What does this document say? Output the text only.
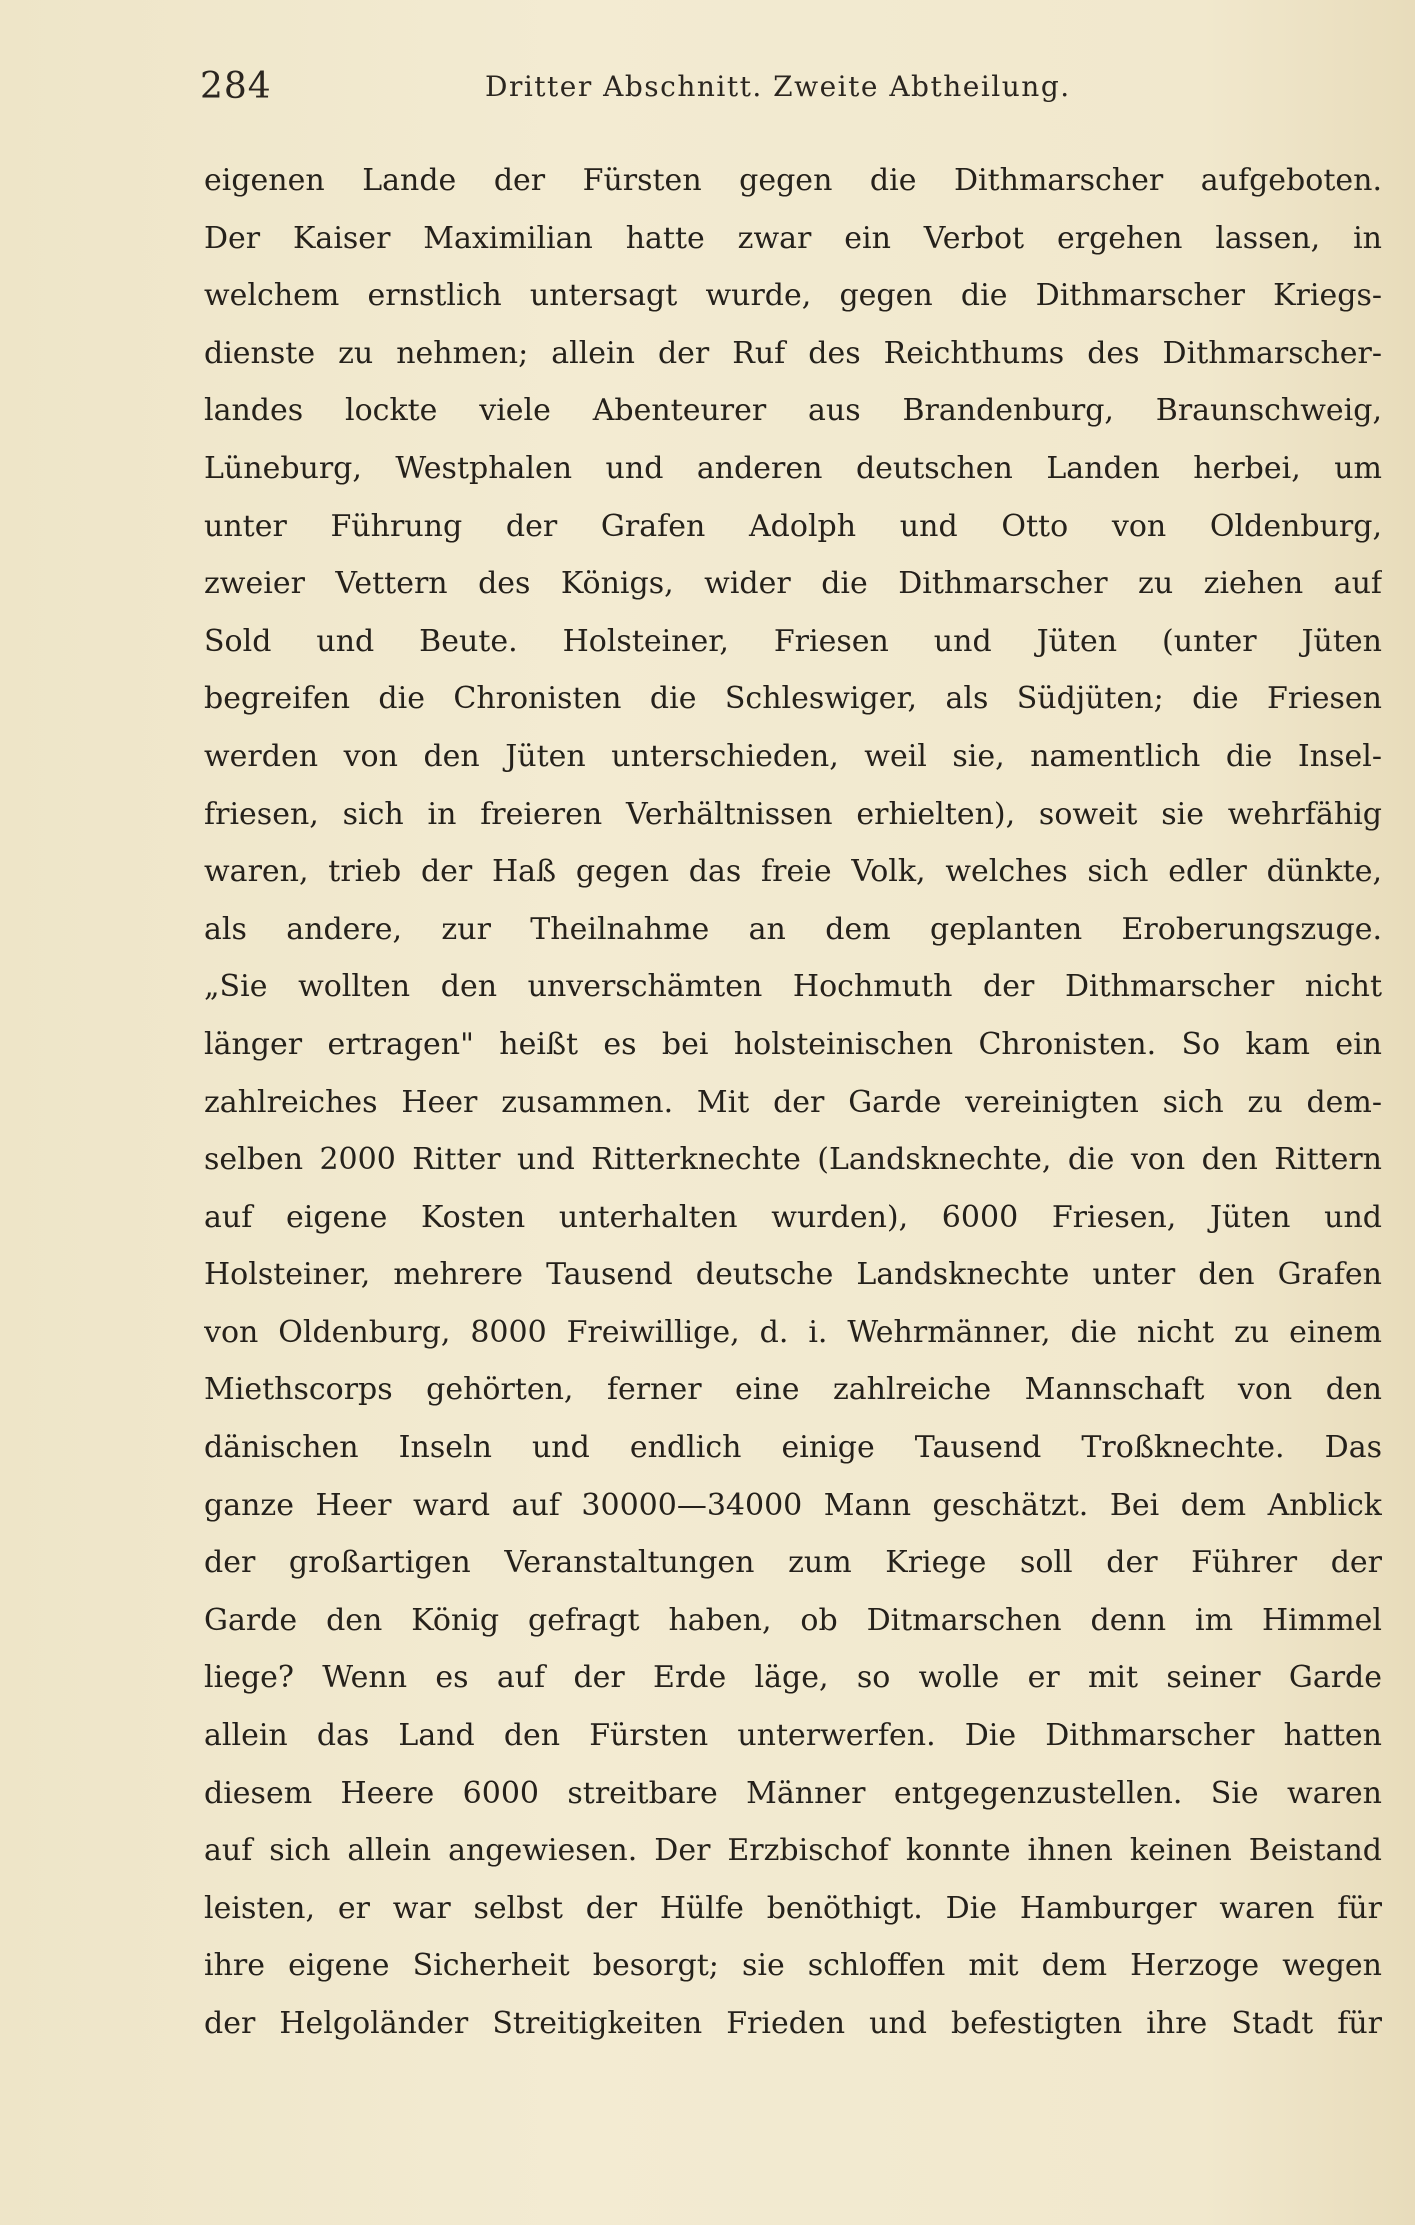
284	Dritter Abschnitt. Zweite Abtheilung.
eigenen Lande der Fürsten gegen die Dithmarscher aufgeboten.
Der Kaiser Maximilian hatte zwar ein Verbot ergehen lassen, in
welchem ernstlich untersagt wurde, gegen die Dithmarscher Kriegs-
dienste zu nehmen; allein der Ruf des Reichthums des Dithmarscher-
landes lockte viele Abenteurer aus Brandenburg, Braunschweig,
Lüneburg, Westphalen und anderen deutschen Landen herbei, um
unter Führung der Grafen Adolph und Otto von Oldenburg,
zweier Vettern des Königs, wider die Dithmarscher zu ziehen auf
Sold und Beute. Holsteiner, Friesen und Jüten (unter Jüten
begreifen die Chronisten die Schleswiger, als Südjüten; die Friesen
werden von den Jüten unterschieden, weil sie, namentlich die Insel-
friesen, sich in freieren Verhältnissen erhielten), soweit sie wehrfähig
waren, trieb der Haß gegen das freie Volk, welches sich edler dünkte,
als andere, zur Theilnahme an dem geplanten Eroberungszuge.
„Sie wollten den unverschämten Hochmuth der Dithmarscher nicht
länger ertragen" heißt es bei holsteinischen Chronisten. So kam ein
zahlreiches Heer zusammen. Mit der Garde vereinigten sich zu dem-
selben 2000 Ritter und Ritterknechte (Landsknechte, die von den Rittern
auf eigene Kosten unterhalten wurden), 6000 Friesen, Jüten und
Holsteiner, mehrere Tausend deutsche Landsknechte unter den Grafen
von Oldenburg, 8000 Freiwillige, d. i. Wehrmänner, die nicht zu einem
Miethscorps gehörten, ferner eine zahlreiche Mannschaft von den
dänischen Inseln und endlich einige Tausend Troßknechte. Das
ganze Heer ward auf 30000—34000 Mann geschätzt. Bei dem Anblick
der großartigen Veranstaltungen zum Kriege soll der Führer der
Garde den König gefragt haben, ob Ditmarschen denn im Himmel
liege? Wenn es auf der Erde läge, so wolle er mit seiner Garde
allein das Land den Fürsten unterwerfen. Die Dithmarscher hatten
diesem Heere 6000 streitbare Männer entgegenzustellen. Sie waren
auf sich allein angewiesen. Der Erzbischof konnte ihnen keinen Beistand
leisten, er war selbst der Hülfe benöthigt. Die Hamburger waren für
ihre eigene Sicherheit besorgt; sie schloffen mit dem Herzoge wegen
der Helgoländer Streitigkeiten Frieden und befestigten ihre Stadt für
